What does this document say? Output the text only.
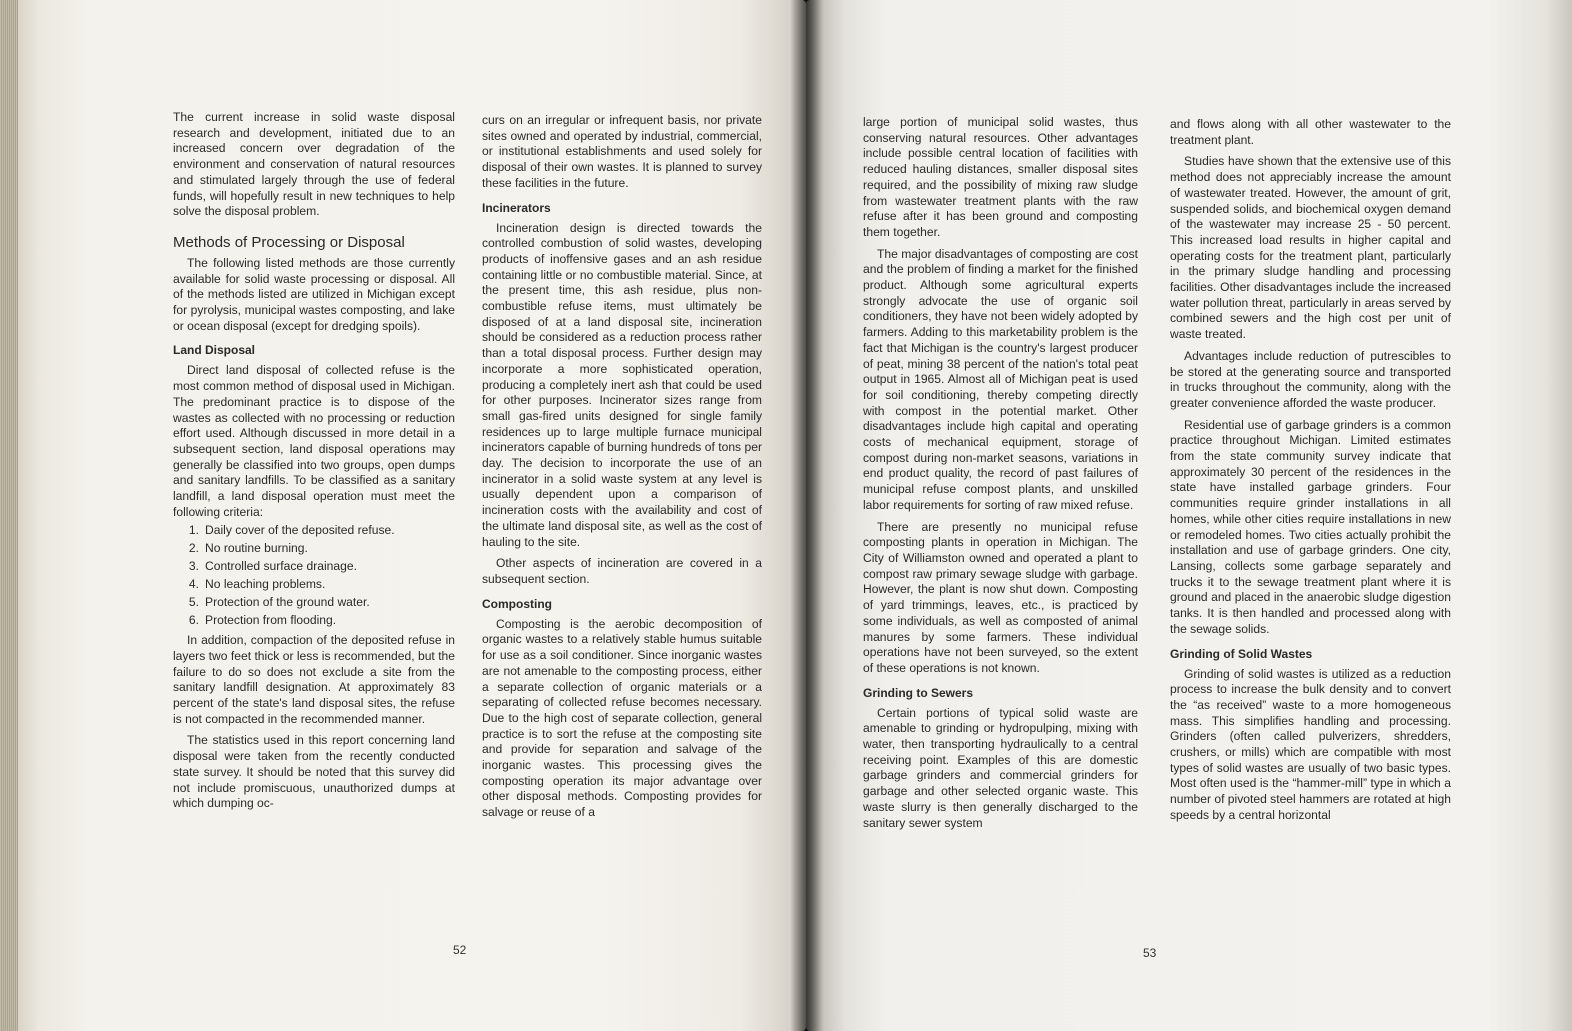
The current increase in solid waste disposal research and development, initiated due to an increased concern over degradation of the environment and conservation of natural resources and stimulated largely through the use of federal funds, will hopefully result in new techniques to help solve the disposal problem.

Methods of Processing or Disposal

The following listed methods are those currently available for solid waste processing or disposal. All of the methods listed are utilized in Michigan except for pyrolysis, municipal wastes composting, and lake or ocean disposal (except for dredging spoils).

Land Disposal

Direct land disposal of collected refuse is the most common method of disposal used in Michigan. The predominant practice is to dispose of the wastes as collected with no processing or reduction effort used. Although discussed in more detail in a subsequent section, land disposal operations may generally be classified into two groups, open dumps and sanitary landfills. To be classified as a sanitary landfill, a land disposal operation must meet the following criteria:

1. Daily cover of the deposited refuse.
2. No routine burning.
3. Controlled surface drainage.
4. No leaching problems.
5. Protection of the ground water.
6. Protection from flooding.

In addition, compaction of the deposited refuse in layers two feet thick or less is recommended, but the failure to do so does not exclude a site from the sanitary landfill designation. At approximately 83 percent of the state's land disposal sites, the refuse is not compacted in the recommended manner.

The statistics used in this report concerning land disposal were taken from the recently conducted state survey. It should be noted that this survey did not include promiscuous, unauthorized dumps at which dumping oc-

curs on an irregular or infrequent basis, nor private sites owned and operated by industrial, commercial, or institutional establishments and used solely for disposal of their own wastes. It is planned to survey these facilities in the future.

Incinerators

Incineration design is directed towards the controlled combustion of solid wastes, developing products of inoffensive gases and an ash residue containing little or no combustible material. Since, at the present time, this ash residue, plus non-combustible refuse items, must ultimately be disposed of at a land disposal site, incineration should be considered as a reduction process rather than a total disposal process. Further design may incorporate a more sophisticated operation, producing a completely inert ash that could be used for other purposes. Incinerator sizes range from small gas-fired units designed for single family residences up to large multiple furnace municipal incinerators capable of burning hundreds of tons per day. The decision to incorporate the use of an incinerator in a solid waste system at any level is usually dependent upon a comparison of incineration costs with the availability and cost of the ultimate land disposal site, as well as the cost of hauling to the site.

Other aspects of incineration are covered in a subsequent section.

Composting

Composting is the aerobic decomposition of organic wastes to a relatively stable humus suitable for use as a soil conditioner. Since inorganic wastes are not amenable to the composting process, either a separate collection of organic materials or a separating of collected refuse becomes necessary. Due to the high cost of separate collection, general practice is to sort the refuse at the composting site and provide for separation and salvage of the inorganic wastes. This processing gives the composting operation its major advantage over other disposal methods. Composting provides for salvage or reuse of a

52

large portion of municipal solid wastes, thus conserving natural resources. Other advantages include possible central location of facilities with reduced hauling distances, smaller disposal sites required, and the possibility of mixing raw sludge from wastewater treatment plants with the raw refuse after it has been ground and composting them together.

The major disadvantages of composting are cost and the problem of finding a market for the finished product. Although some agricultural experts strongly advocate the use of organic soil conditioners, they have not been widely adopted by farmers. Adding to this marketability problem is the fact that Michigan is the country's largest producer of peat, mining 38 percent of the nation's total peat output in 1965. Almost all of Michigan peat is used for soil conditioning, thereby competing directly with compost in the potential market. Other disadvantages include high capital and operating costs of mechanical equipment, storage of compost during non-market seasons, variations in end product quality, the record of past failures of municipal refuse compost plants, and unskilled labor requirements for sorting of raw mixed refuse.

There are presently no municipal refuse composting plants in operation in Michigan. The City of Williamston owned and operated a plant to compost raw primary sewage sludge with garbage. However, the plant is now shut down. Composting of yard trimmings, leaves, etc., is practiced by some individuals, as well as composted of animal manures by some farmers. These individual operations have not been surveyed, so the extent of these operations is not known.

Grinding to Sewers

Certain portions of typical solid waste are amenable to grinding or hydropulping, mixing with water, then transporting hydraulically to a central receiving point. Examples of this are domestic garbage grinders and commercial grinders for garbage and other selected organic waste. This waste slurry is then generally discharged to the sanitary sewer system

and flows along with all other wastewater to the treatment plant.

Studies have shown that the extensive use of this method does not appreciably increase the amount of wastewater treated. However, the amount of grit, suspended solids, and biochemical oxygen demand of the wastewater may increase 25 - 50 percent. This increased load results in higher capital and operating costs for the treatment plant, particularly in the primary sludge handling and processing facilities. Other disadvantages include the increased water pollution threat, particularly in areas served by combined sewers and the high cost per unit of waste treated.

Advantages include reduction of putrescibles to be stored at the generating source and transported in trucks throughout the community, along with the greater convenience afforded the waste producer.

Residential use of garbage grinders is a common practice throughout Michigan. Limited estimates from the state community survey indicate that approximately 30 percent of the residences in the state have installed garbage grinders. Four communities require grinder installations in all homes, while other cities require installations in new or remodeled homes. Two cities actually prohibit the installation and use of garbage grinders. One city, Lansing, collects some garbage separately and trucks it to the sewage treatment plant where it is ground and placed in the anaerobic sludge digestion tanks. It is then handled and processed along with the sewage solids.

Grinding of Solid Wastes

Grinding of solid wastes is utilized as a reduction process to increase the bulk density and to convert the “as received” waste to a more homogeneous mass. This simplifies handling and processing. Grinders (often called pulverizers, shredders, crushers, or mills) which are compatible with most types of solid wastes are usually of two basic types. Most often used is the “hammer-mill” type in which a number of pivoted steel hammers are rotated at high speeds by a central horizontal

53
